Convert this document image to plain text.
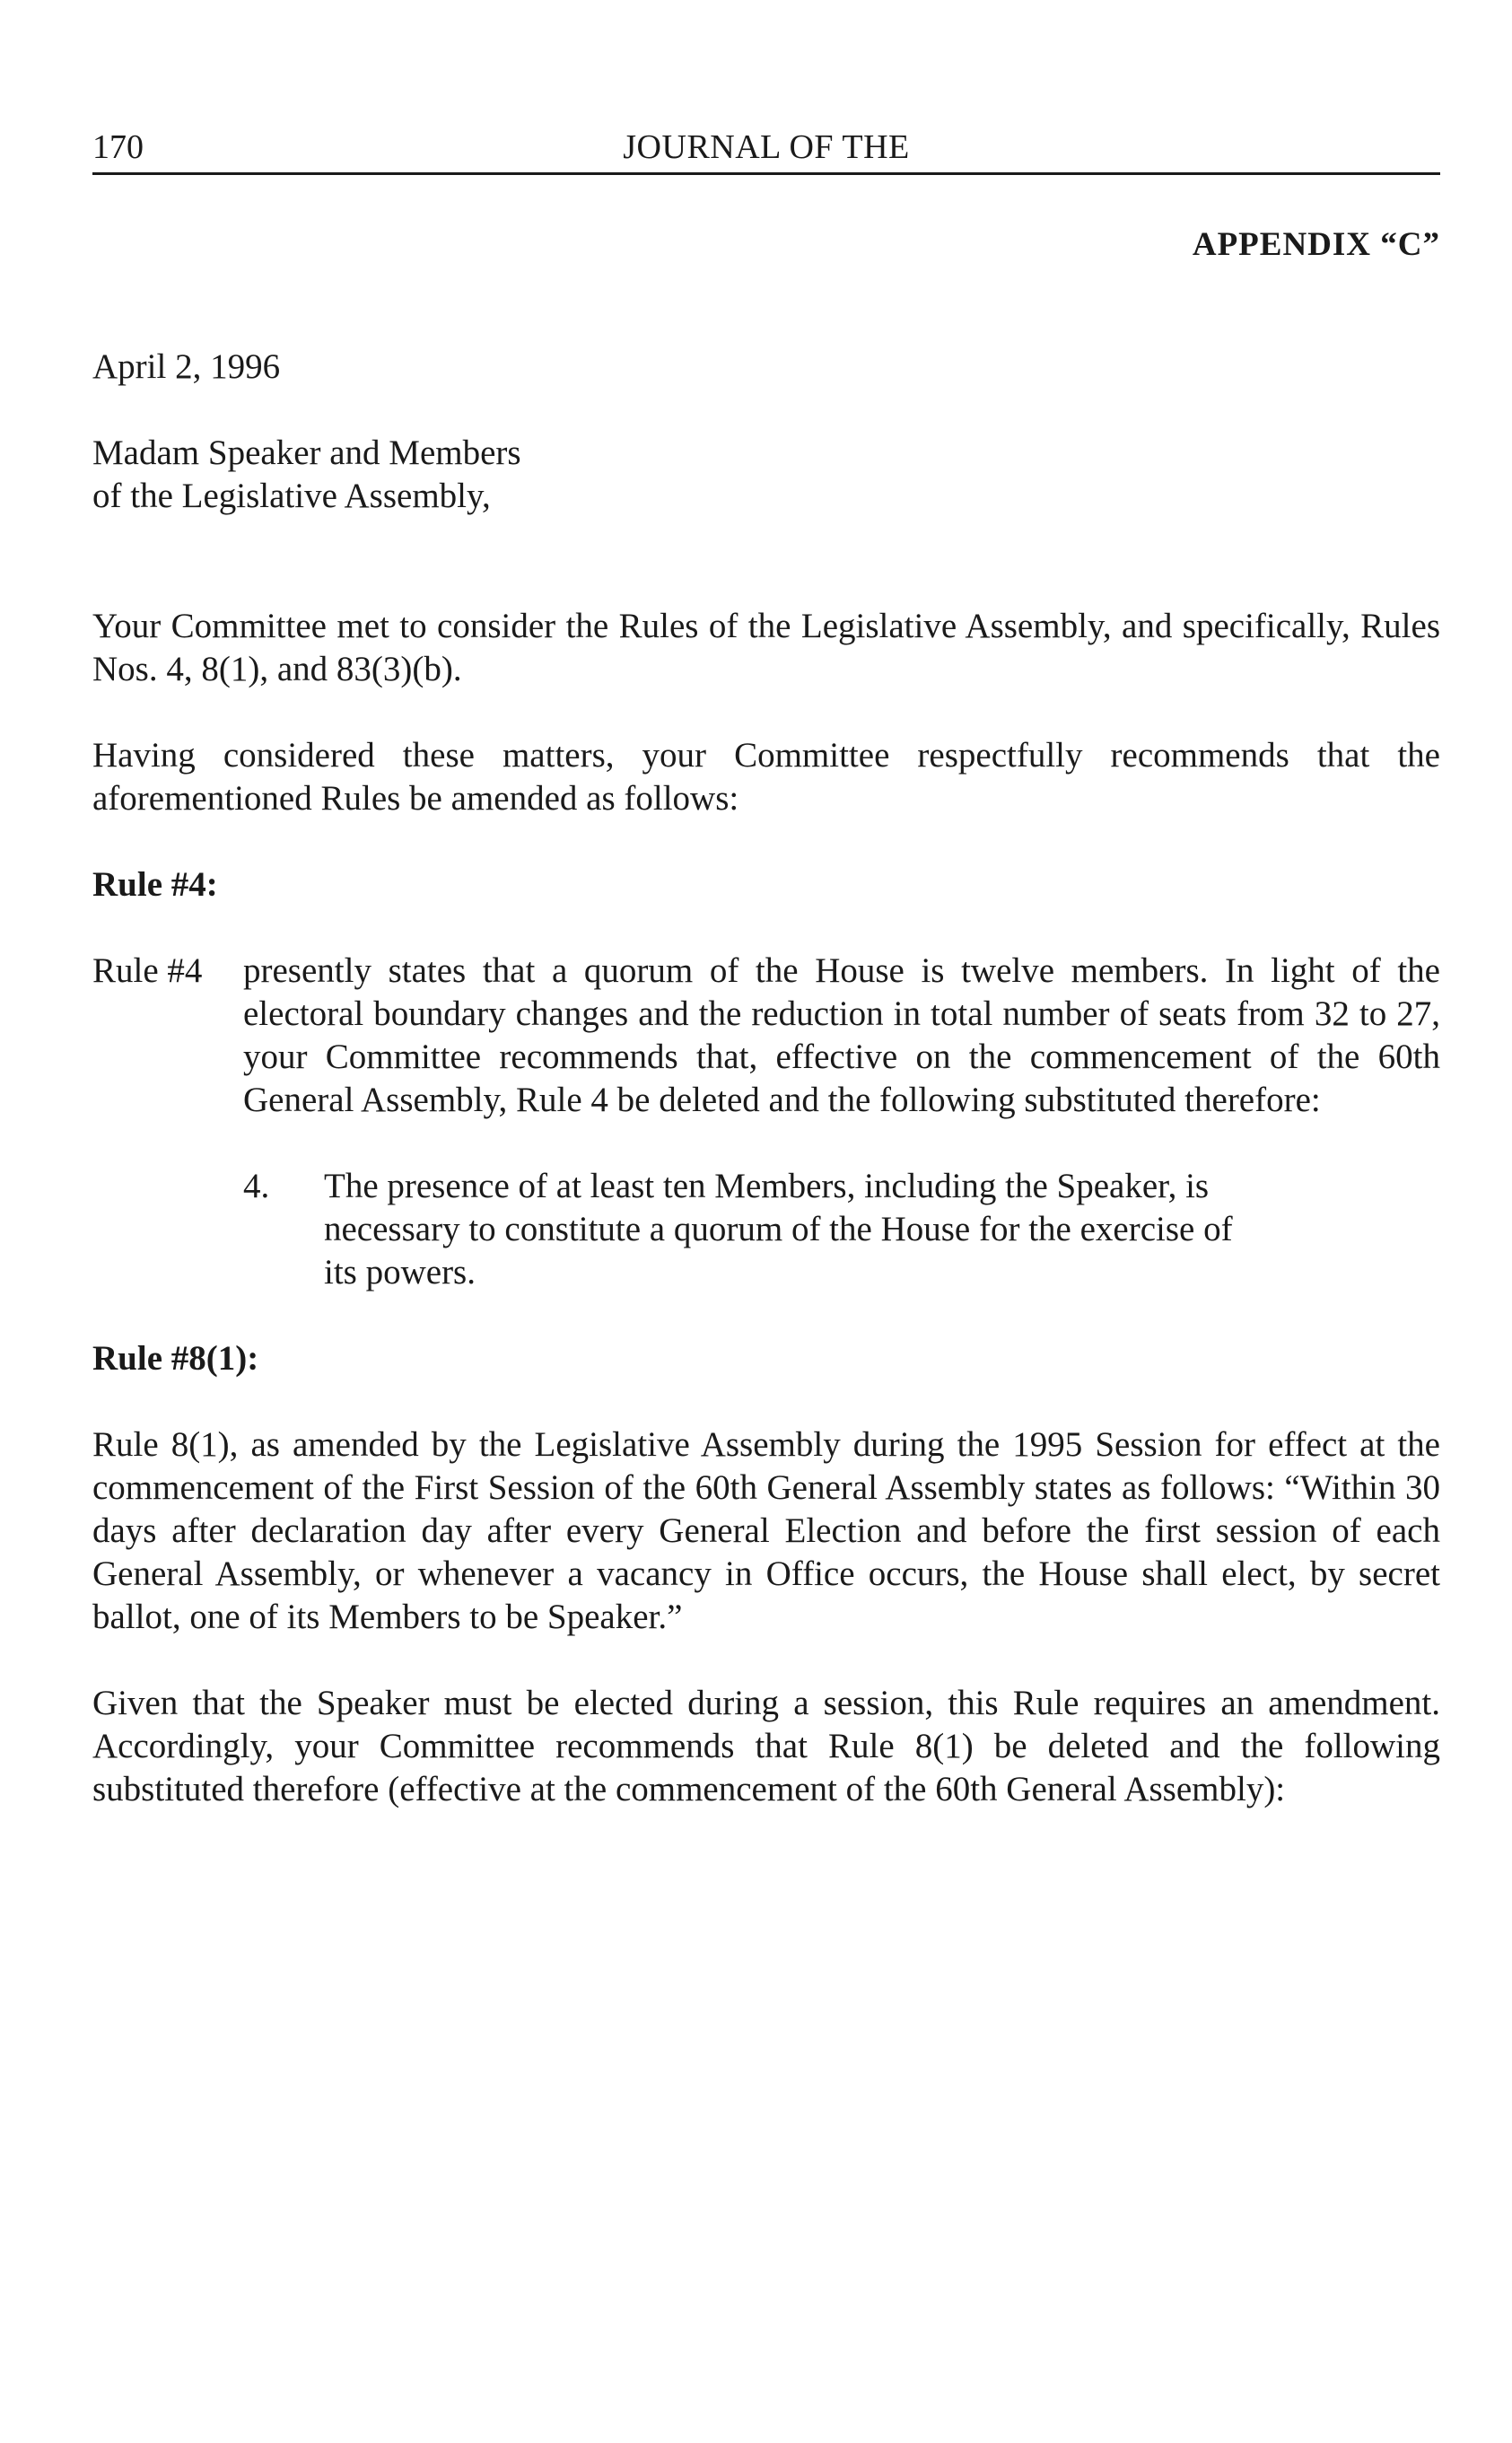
170	JOURNAL OF THE
APPENDIX “C”
April 2, 1996
Madam Speaker and Members
of the Legislative Assembly,

Your Committee met to consider the Rules of the Legislative Assembly, and specifically, Rules Nos. 4, 8(1), and 83(3)(b).

Having considered these matters, your Committee respectfully recommends that the aforementioned Rules be amended as follows:

Rule #4:
Rule #4 presently states that a quorum of the House is twelve members. In light of the electoral boundary changes and the reduction in total number of seats from 32 to 27, your Committee recommends that, effective on the commencement of the 60th General Assembly, Rule 4 be deleted and the following substituted therefore:
4. The presence of at least ten Members, including the Speaker, is necessary to constitute a quorum of the House for the exercise of its powers.
Rule #8(1):

Rule 8(1), as amended by the Legislative Assembly during the 1995 Session for effect at the commencement of the First Session of the 60th General Assembly states as follows: “Within 30 days after declaration day after every General Election and before the first session of each General Assembly, or whenever a vacancy in Office occurs, the House shall elect, by secret ballot, one of its Members to be Speaker.”

Given that the Speaker must be elected during a session, this Rule requires an amendment. Accordingly, your Committee recommends that Rule 8(1) be deleted and the following substituted therefore (effective at the commencement of the 60th General Assembly):
